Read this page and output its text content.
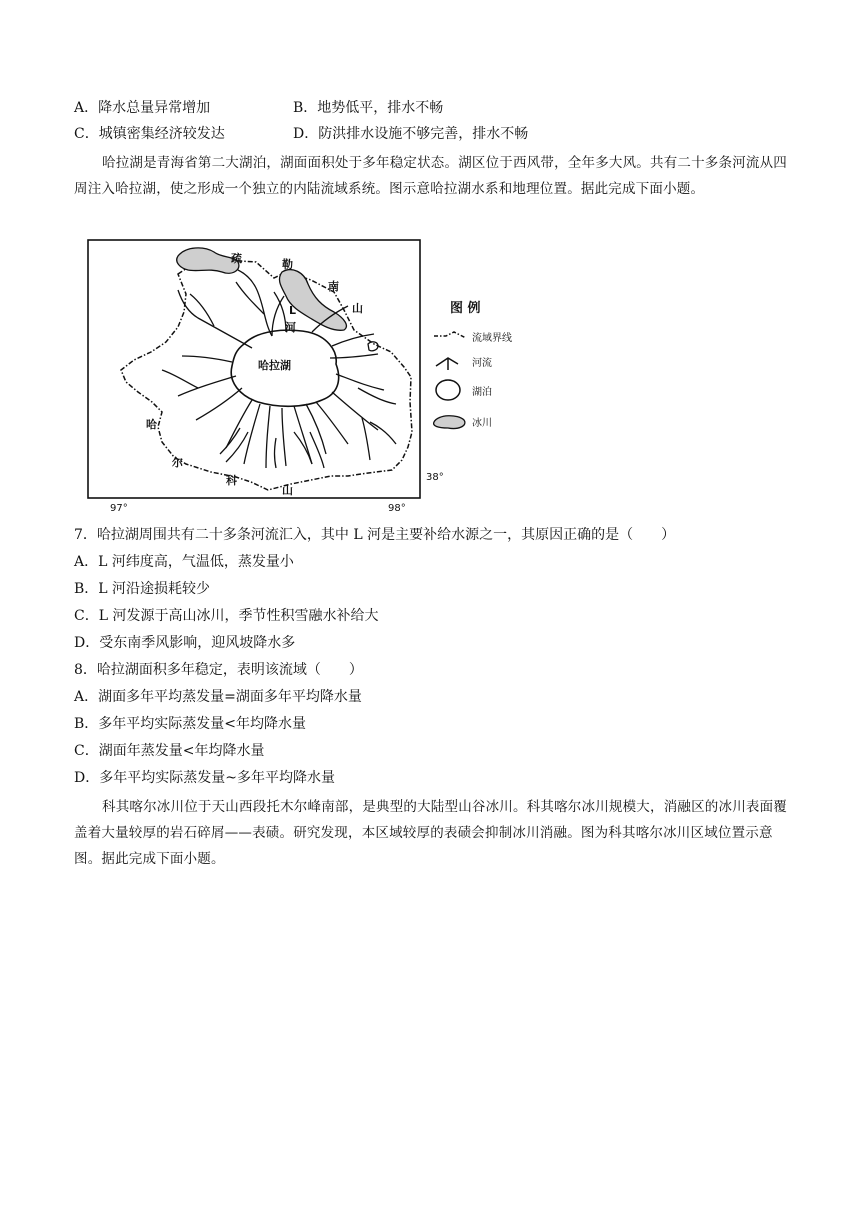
A．降水总量异常增加	B．地势低平，排水不畅
C．城镇密集经济较发达	D．防洪排水设施不够完善，排水不畅
哈拉湖是青海省第二大湖泊，湖面面积处于多年稳定状态。湖区位于西风带，全年多大风。共有二十多条河流从四周注入哈拉湖，使之形成一个独立的内陆流域系统。图示意哈拉湖水系和地理位置。据此完成下面小题。
哈拉湖
L
河
疏	勒
南
山
哈
尔
科
山
97°	98°
38°
图 例
流域界线
河流
湖泊
冰川
7．哈拉湖周围共有二十多条河流汇入，其中 L 河是主要补给水源之一，其原因正确的是（　　）
A．L 河纬度高，气温低，蒸发量小
B．L 河沿途损耗较少
C．L 河发源于高山冰川，季节性积雪融水补给大
D．受东南季风影响，迎风坡降水多
8．哈拉湖面积多年稳定，表明该流域（　　）
A．湖面多年平均蒸发量=湖面多年平均降水量
B．多年平均实际蒸发量<年均降水量
C．湖面年蒸发量<年均降水量
D．多年平均实际蒸发量~多年平均降水量
科其喀尔冰川位于天山西段托木尔峰南部，是典型的大陆型山谷冰川。科其喀尔冰川规模大，消融区的冰川表面覆盖着大量较厚的岩石碎屑——表碛。研究发现，本区域较厚的表碛会抑制冰川消融。图为科其喀尔冰川区域位置示意图。据此完成下面小题。
